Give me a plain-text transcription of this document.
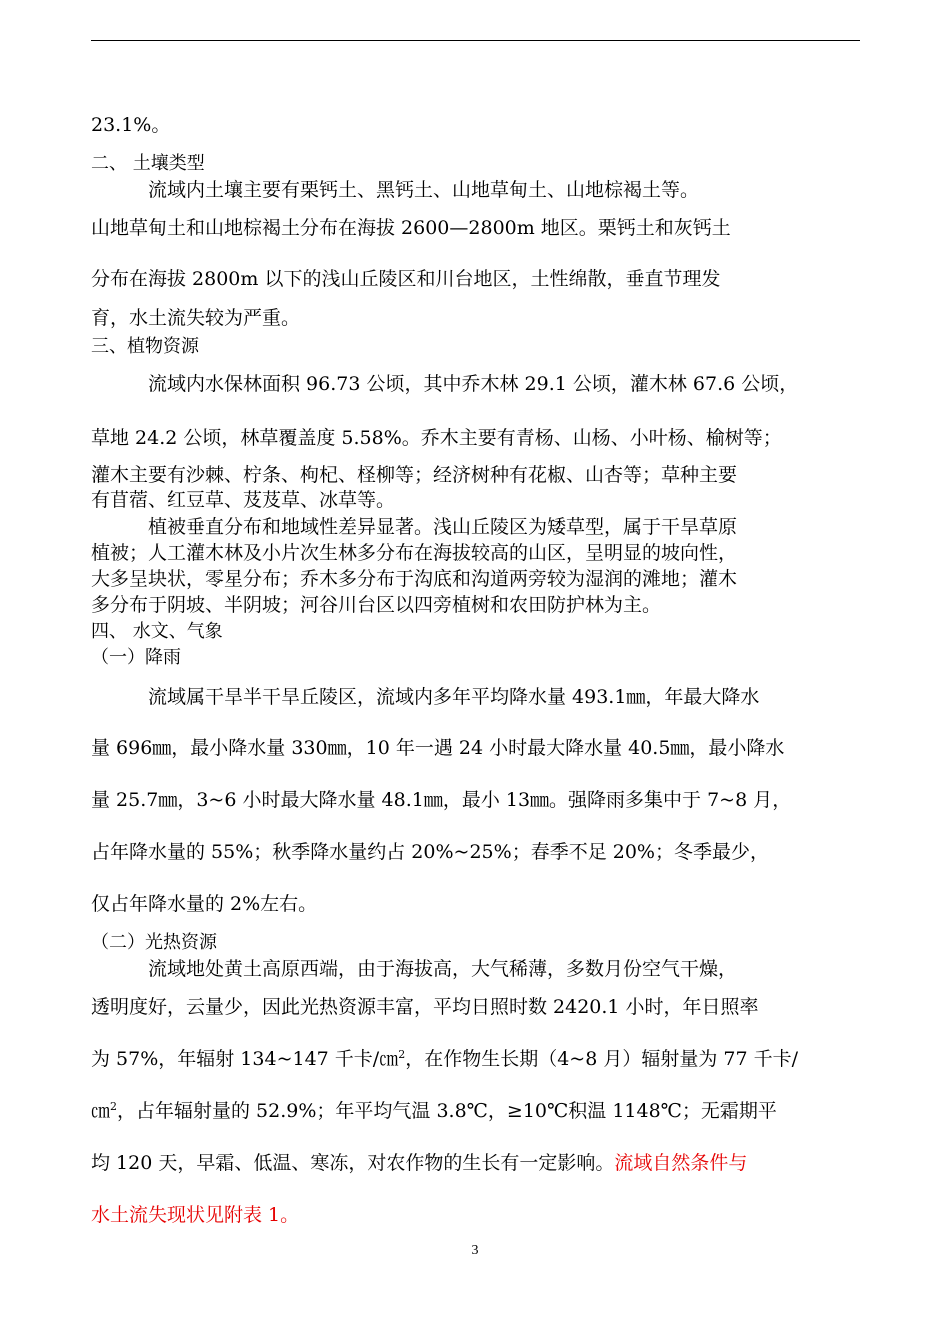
23.1%。
二、 土壤类型
流域内土壤主要有栗钙土、黑钙土、山地草甸土、山地棕褐土等。
山地草甸土和山地棕褐土分布在海拔 2600—2800m 地区。栗钙土和灰钙土
分布在海拔 2800m 以下的浅山丘陵区和川台地区，土性绵散，垂直节理发
育，水土流失较为严重。
三、植物资源
流域内水保林面积 96.73 公顷，其中乔木林 29.1 公顷，灌木林 67.6 公顷，
草地 24.2 公顷，林草覆盖度 5.58%。乔木主要有青杨、山杨、小叶杨、榆树等；
灌木主要有沙棘、柠条、枸杞、柽柳等；经济树种有花椒、山杏等；草种主要
有苜蓿、红豆草、芨芨草、冰草等。
植被垂直分布和地域性差异显著。浅山丘陵区为矮草型，属于干旱草原
植被；人工灌木林及小片次生林多分布在海拔较高的山区，呈明显的坡向性，
大多呈块状，零星分布；乔木多分布于沟底和沟道两旁较为湿润的滩地；灌木
多分布于阴坡、半阴坡；河谷川台区以四旁植树和农田防护林为主。
四、 水文、气象
（一）降雨
流域属干旱半干旱丘陵区，流域内多年平均降水量 493.1㎜，年最大降水
量 696㎜，最小降水量 330㎜，10 年一遇 24 小时最大降水量 40.5㎜，最小降水
量 25.7㎜，3~6 小时最大降水量 48.1㎜，最小 13㎜。强降雨多集中于 7~8 月，
占年降水量的 55%；秋季降水量约占 20%~25%；春季不足 20%；冬季最少，
仅占年降水量的 2%左右。
（二）光热资源
流域地处黄土高原西端，由于海拔高，大气稀薄，多数月份空气干燥，
透明度好，云量少，因此光热资源丰富，平均日照时数 2420.1 小时，年日照率
为 57%，年辐射 134~147 千卡/㎝$^2$，在作物生长期（4~8 月）辐射量为 77 千卡/
㎝$^2$，占年辐射量的 52.9%；年平均气温 3.8℃，≥10℃积温 1148℃；无霜期平
均 120 天，早霜、低温、寒冻，对农作物的生长有一定影响。流域自然条件与
水土流失现状见附表 1。
3
